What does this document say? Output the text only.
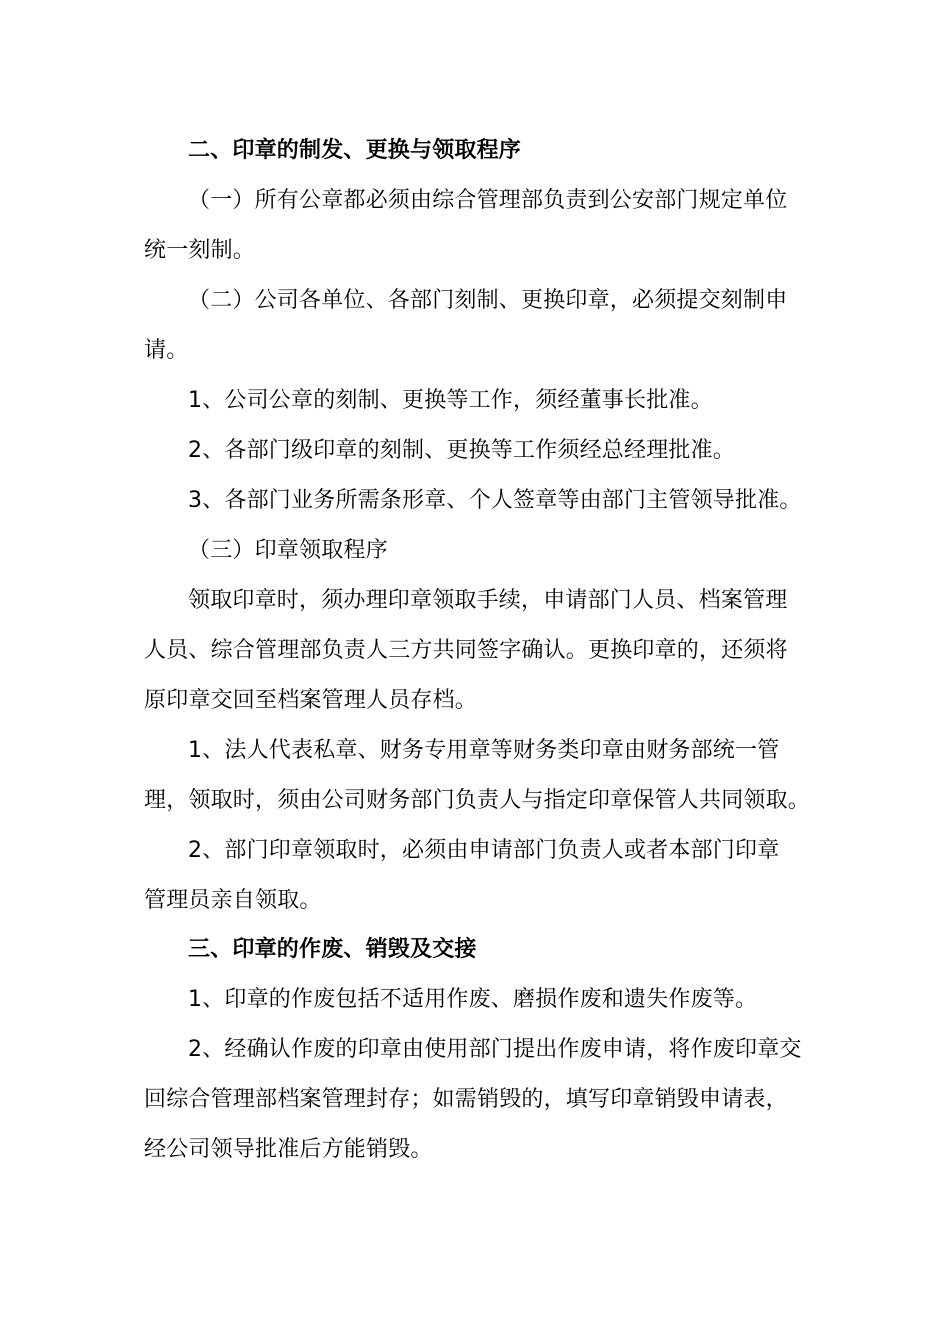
二、印章的制发、更换与领取程序
（一）所有公章都必须由综合管理部负责到公安部门规定单位
统一刻制。
（二）公司各单位、各部门刻制、更换印章，必须提交刻制申
请。
1、公司公章的刻制、更换等工作，须经董事长批准。
2、各部门级印章的刻制、更换等工作须经总经理批准。
3、各部门业务所需条形章、个人签章等由部门主管领导批准。
（三）印章领取程序
领取印章时，须办理印章领取手续，申请部门人员、档案管理
人员、综合管理部负责人三方共同签字确认。更换印章的，还须将
原印章交回至档案管理人员存档。
1、法人代表私章、财务专用章等财务类印章由财务部统一管
理，领取时，须由公司财务部门负责人与指定印章保管人共同领取。
2、部门印章领取时，必须由申请部门负责人或者本部门印章
管理员亲自领取。
三、印章的作废、销毁及交接
1、印章的作废包括不适用作废、磨损作废和遗失作废等。
2、经确认作废的印章由使用部门提出作废申请，将作废印章交
回综合管理部档案管理封存；如需销毁的，填写印章销毁申请表，
经公司领导批准后方能销毁。
